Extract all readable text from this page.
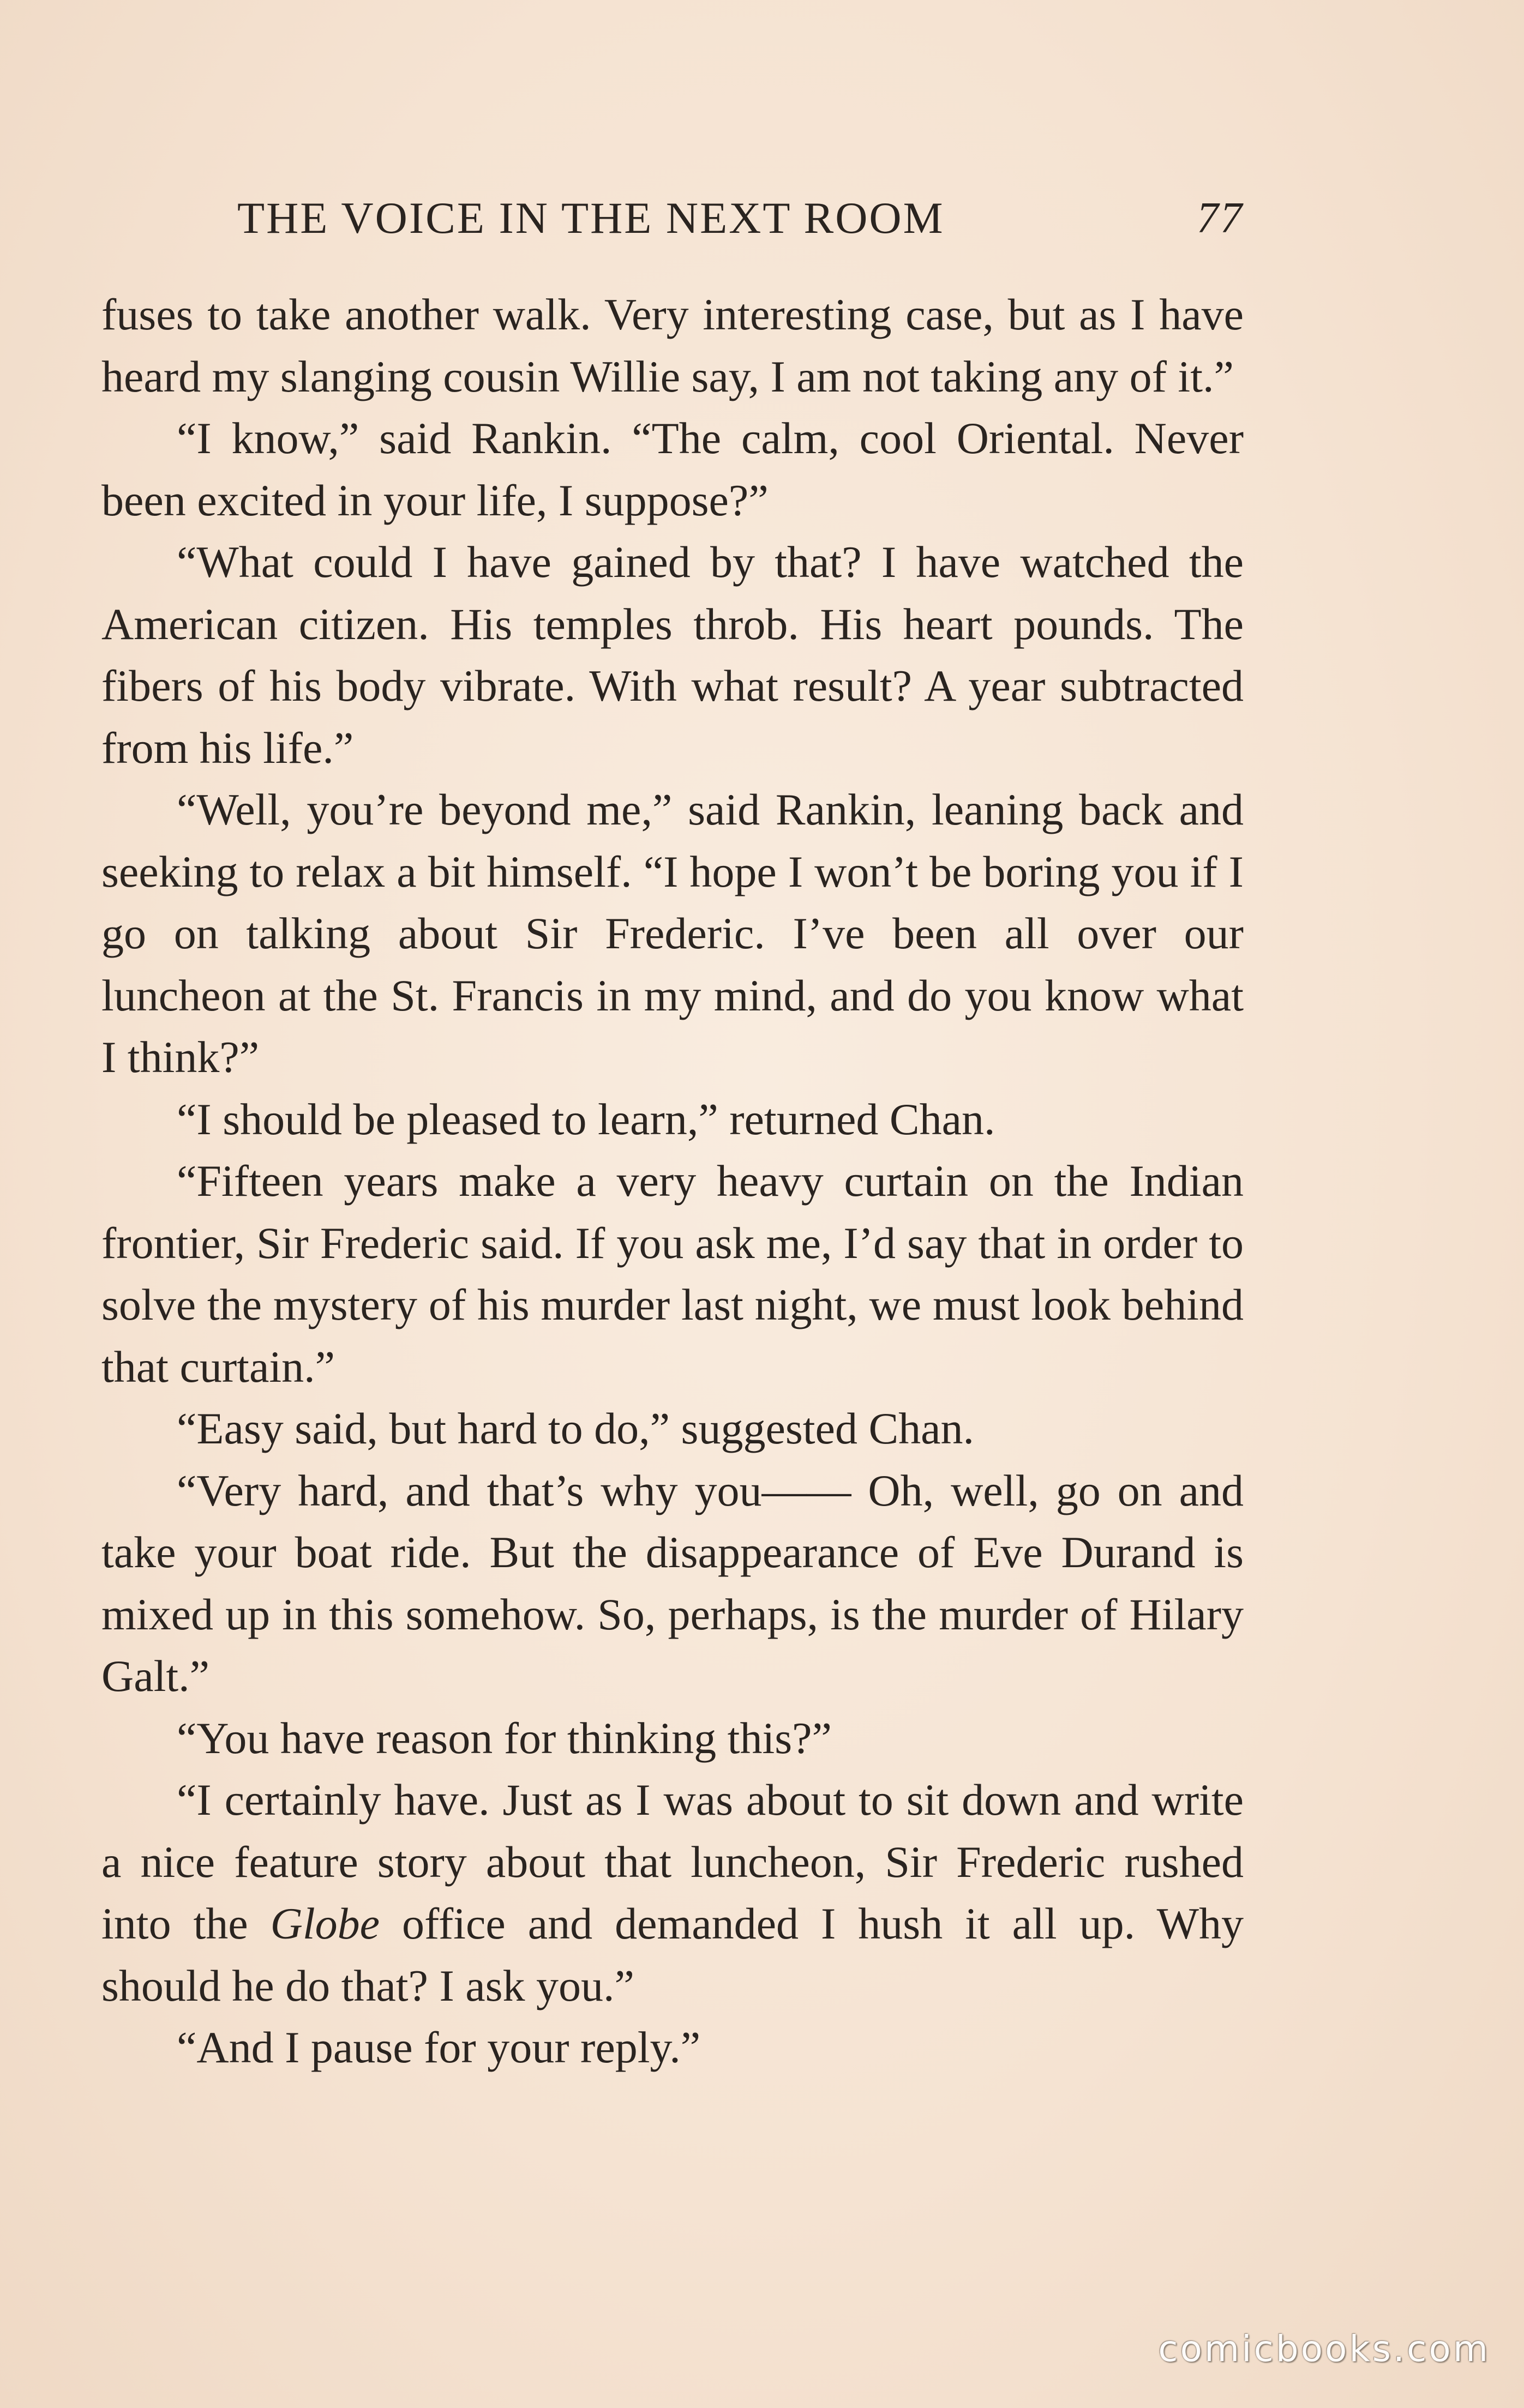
THE VOICE IN THE NEXT ROOM	77

fuses to take another walk. Very interesting case, but as I have heard my slanging cousin Willie say, I am not taking any of it.”

“I know,” said Rankin. “The calm, cool Oriental. Never been excited in your life, I suppose?”

“What could I have gained by that? I have watched the American citizen. His temples throb. His heart pounds. The fibers of his body vibrate. With what result? A year subtracted from his life.”

“Well, you’re beyond me,” said Rankin, leaning back and seeking to relax a bit himself. “I hope I won’t be boring you if I go on talking about Sir Frederic. I’ve been all over our luncheon at the St. Francis in my mind, and do you know what I think?”

“I should be pleased to learn,” returned Chan.

“Fifteen years make a very heavy curtain on the Indian frontier, Sir Frederic said. If you ask me, I’d say that in order to solve the mystery of his murder last night, we must look behind that curtain.”

“Easy said, but hard to do,” suggested Chan.

“Very hard, and that’s why you—— Oh, well, go on and take your boat ride. But the disappearance of Eve Durand is mixed up in this somehow. So, perhaps, is the murder of Hilary Galt.”

“You have reason for thinking this?”

“I certainly have. Just as I was about to sit down and write a nice feature story about that luncheon, Sir Frederic rushed into the Globe office and demanded I hush it all up. Why should he do that? I ask you.”

“And I pause for your reply.”

comicbooks.com
